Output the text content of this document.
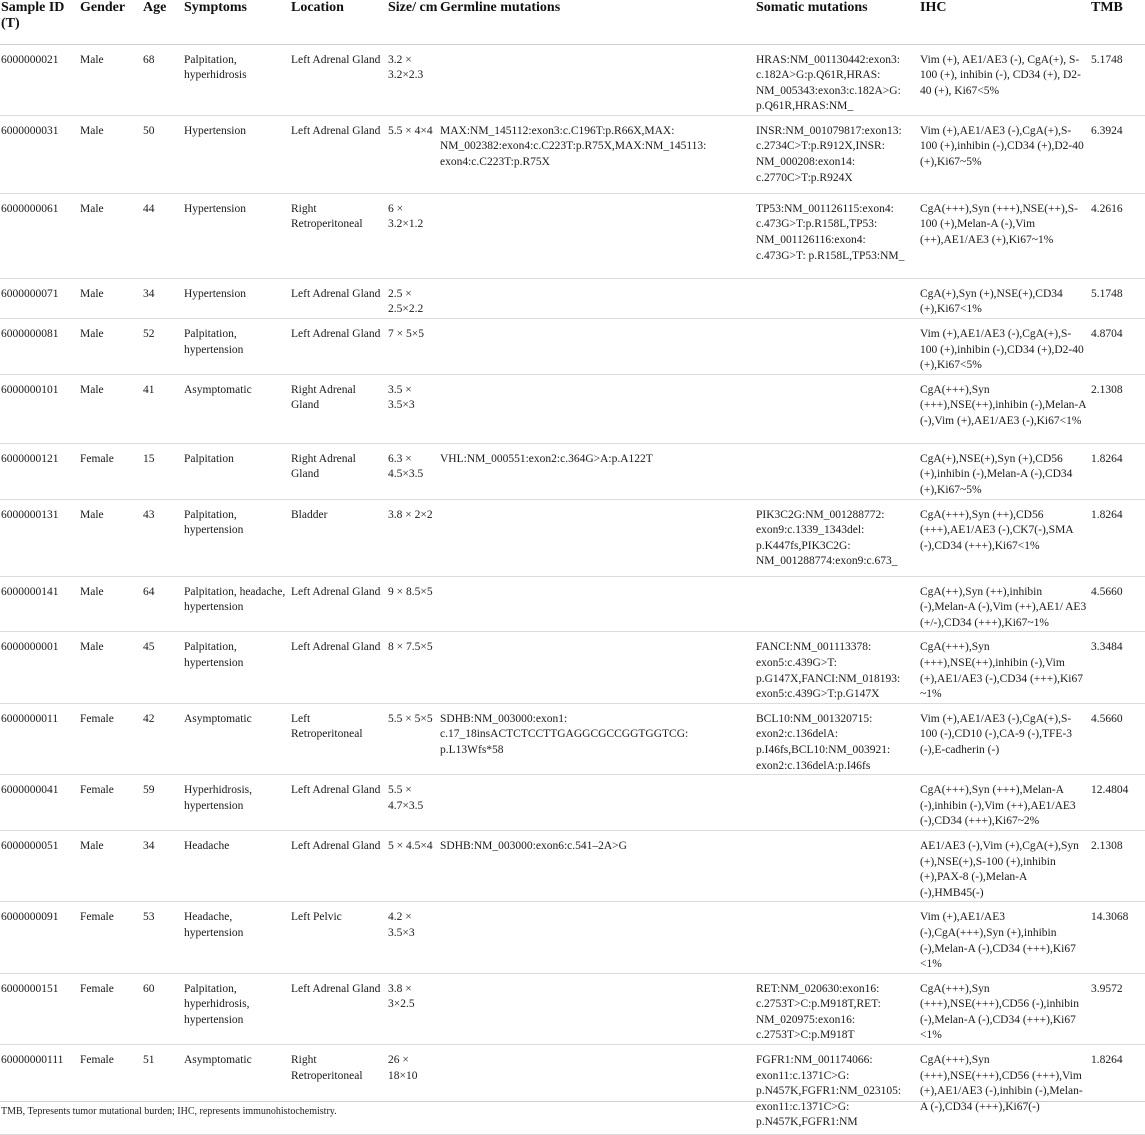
Sample ID (T)	Gender	Age	Symptoms	Location	Size/ cm	Germline mutations	Somatic mutations	IHC	TMB
6000000021	Male	68	Palpitation, hyperhidrosis	Left Adrenal Gland	3.2 × 3.2×2.3		HRAS:NM_001130442:exon3: c.182A>G:p.Q61R,HRAS: NM_005343:exon3:c.182A>G: p.Q61R,HRAS:NM_	Vim (+), AE1/AE3 (-), CgA(+), S-100 (+), inhibin (-), CD34 (+), D2-40 (+), Ki67<5%	5.1748
6000000031	Male	50	Hypertension	Left Adrenal Gland	5.5 × 4×4	MAX:NM_145112:exon3:c.C196T:p.R66X,MAX: NM_002382:exon4:c.C223T:p.R75X,MAX:NM_145113: exon4:c.C223T:p.R75X	INSR:NM_001079817:exon13: c.2734C>T:p.R912X,INSR: NM_000208:exon14: c.2770C>T:p.R924X	Vim (+),AE1/AE3 (-),CgA(+),S-100 (+),inhibin (-),CD34 (+),D2-40 (+),Ki67~5%	6.3924
6000000061	Male	44	Hypertension	Right Retroperitoneal	6 × 3.2×1.2		TP53:NM_001126115:exon4: c.473G>T:p.R158L,TP53: NM_001126116:exon4: c.473G>T: p.R158L,TP53:NM_	CgA(+++),Syn (+++),NSE(++),S-100 (+),Melan-A (-),Vim (++),AE1/AE3 (+),Ki67~1%	4.2616
6000000071	Male	34	Hypertension	Left Adrenal Gland	2.5 × 2.5×2.2			CgA(+),Syn (+),NSE(+),CD34 (+),Ki67<1%	5.1748
6000000081	Male	52	Palpitation, hypertension	Left Adrenal Gland	7 × 5×5			Vim (+),AE1/AE3 (-),CgA(+),S-100 (+),inhibin (-),CD34 (+),D2-40 (+),Ki67<5%	4.8704
6000000101	Male	41	Asymptomatic	Right Adrenal Gland	3.5 × 3.5×3			CgA(+++),Syn (+++),NSE(++),inhibin (-),Melan-A (-),Vim (+),AE1/AE3 (-),Ki67<1%	2.1308
6000000121	Female	15	Palpitation	Right Adrenal Gland	6.3 × 4.5×3.5	VHL:NM_000551:exon2:c.364G>A:p.A122T		CgA(+),NSE(+),Syn (+),CD56 (+),inhibin (-),Melan-A (-),CD34 (+),Ki67~5%	1.8264
6000000131	Male	43	Palpitation, hypertension	Bladder	3.8 × 2×2		PIK3C2G:NM_001288772: exon9:c.1339_1343del: p.K447fs,PIK3C2G: NM_001288774:exon9:c.673_	CgA(+++),Syn (++),CD56 (+++),AE1/AE3 (-),CK7(-),SMA (-),CD34 (+++),Ki67<1%	1.8264
6000000141	Male	64	Palpitation, headache, hypertension	Left Adrenal Gland	9 × 8.5×5			CgA(++),Syn (++),inhibin (-),Melan-A (-),Vim (++),AE1/ AE3 (+/-),CD34 (+++),Ki67~1%	4.5660
6000000001	Male	45	Palpitation, hypertension	Left Adrenal Gland	8 × 7.5×5		FANCI:NM_001113378: exon5:c.439G>T: p.G147X,FANCI:NM_018193: exon5:c.439G>T:p.G147X	CgA(+++),Syn (+++),NSE(++),inhibin (-),Vim (+),AE1/AE3 (-),CD34 (+++),Ki67 ~1%	3.3484
6000000011	Female	42	Asymptomatic	Left Retroperitoneal	5.5 × 5×5	SDHB:NM_003000:exon1: c.17_18insACTCTCCTTGAGGCGCCGGTGGTCG: p.L13Wfs*58	BCL10:NM_001320715: exon2:c.136delA: p.I46fs,BCL10:NM_003921: exon2:c.136delA:p.I46fs	Vim (+),AE1/AE3 (-),CgA(+),S-100 (-),CD10 (-),CA-9 (-),TFE-3 (-),E-cadherin (-)	4.5660
6000000041	Female	59	Hyperhidrosis, hypertension	Left Adrenal Gland	5.5 × 4.7×3.5			CgA(+++),Syn (+++),Melan-A (-),inhibin (-),Vim (++),AE1/AE3 (-),CD34 (+++),Ki67~2%	12.4804
6000000051	Male	34	Headache	Left Adrenal Gland	5 × 4.5×4	SDHB:NM_003000:exon6:c.541–2A>G		AE1/AE3 (-),Vim (+),CgA(+),Syn (+),NSE(+),S-100 (+),inhibin (+),PAX-8 (-),Melan-A (-),HMB45(-)	2.1308
6000000091	Female	53	Headache, hypertension	Left Pelvic	4.2 × 3.5×3			Vim (+),AE1/AE3 (-),CgA(+++),Syn (+),inhibin (-),Melan-A (-),CD34 (+++),Ki67 <1%	14.3068
6000000151	Female	60	Palpitation, hyperhidrosis, hypertension	Left Adrenal Gland	3.8 × 3×2.5		RET:NM_020630:exon16: c.2753T>C:p.M918T,RET: NM_020975:exon16: c.2753T>C:p.M918T	CgA(+++),Syn (+++),NSE(+++),CD56 (-),inhibin (-),Melan-A (-),CD34 (+++),Ki67 <1%	3.9572
60000000111	Female	51	Asymptomatic	Right Retroperitoneal	26 × 18×10		FGFR1:NM_001174066: exon11:c.1371C>G: p.N457K,FGFR1:NM_023105: exon11:c.1371C>G: p.N457K,FGFR1:NM	CgA(+++),Syn (+++),NSE(+++),CD56 (+++),Vim (+),AE1/AE3 (-),inhibin (-),Melan-A (-),CD34 (+++),Ki67(-)	1.8264
TMB, Tepresents tumor mutational burden; IHC, represents immunohistochemistry.
